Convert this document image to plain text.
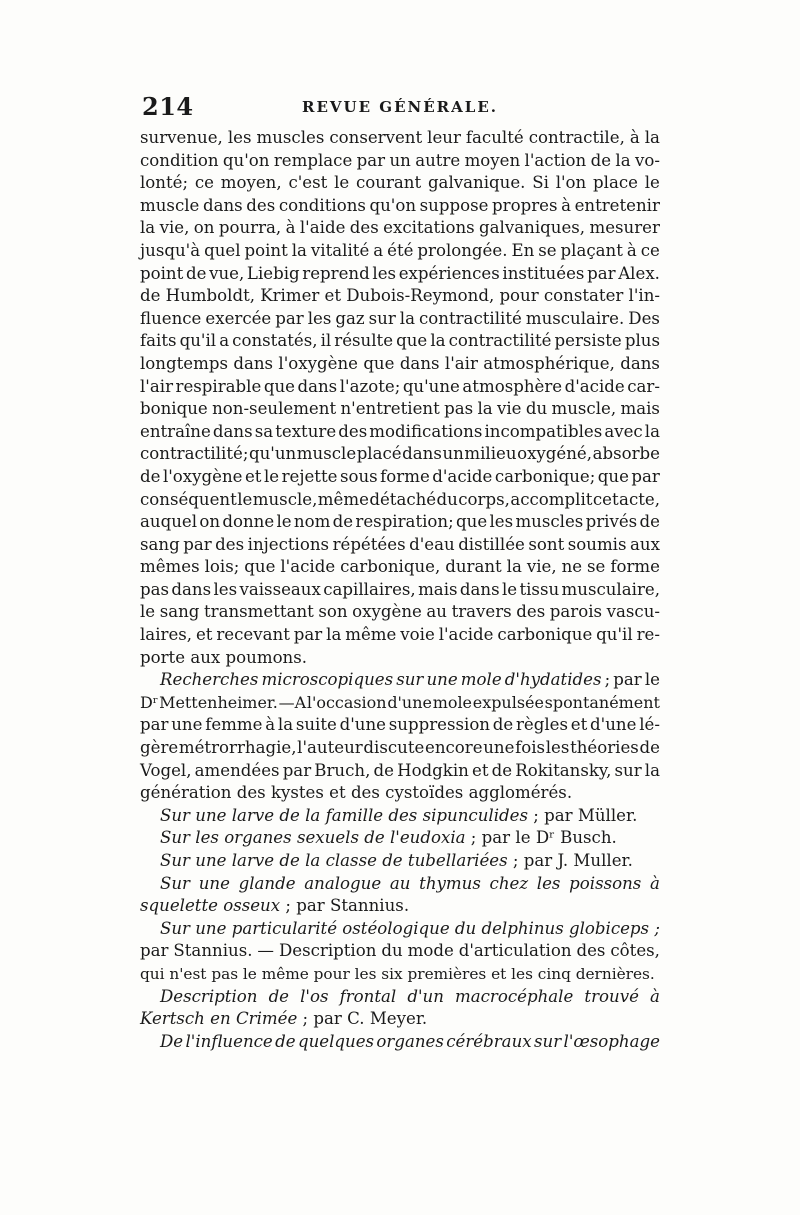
214	REVUE GÉNÉRALE.
survenue, les muscles conservent leur faculté contractile, à la
condition qu'on remplace par un autre moyen l'action de la vo-
lonté; ce moyen, c'est le courant galvanique. Si l'on place le
muscle dans des conditions qu'on suppose propres à entretenir
la vie, on pourra, à l'aide des excitations galvaniques, mesurer
jusqu'à quel point la vitalité a été prolongée. En se plaçant à ce
point de vue, Liebig reprend les expériences instituées par Alex.
de Humboldt, Krimer et Dubois-Reymond, pour constater l'in-
fluence exercée par les gaz sur la contractilité musculaire. Des
faits qu'il a constatés, il résulte que la contractilité persiste plus
longtemps dans l'oxygène que dans l'air atmosphérique, dans
l'air respirable que dans l'azote; qu'une atmosphère d'acide car-
bonique non-seulement n'entretient pas la vie du muscle, mais
entraîne dans sa texture des modifications incompatibles avec la
contractilité; qu'un muscle placé dans un milieu oxygéné, absorbe
de l'oxygène et le rejette sous forme d'acide carbonique; que par
conséquent le muscle, même détaché du corps, accomplit cet acte,
auquel on donne le nom de respiration; que les muscles privés de
sang par des injections répétées d'eau distillée sont soumis aux
mêmes lois; que l'acide carbonique, durant la vie, ne se forme
pas dans les vaisseaux capillaires, mais dans le tissu musculaire,
le sang transmettant son oxygène au travers des parois vascu-
laires, et recevant par la même voie l'acide carbonique qu'il re-
porte aux poumons.
Recherches microscopiques sur une mole d'hydatides ; par le
Dʳ Mettenheimer. —A l'occasion d'une mole expulsée spontanément
par une femme à la suite d'une suppression de règles et d'une lé-
gère métrorrhagie, l'auteur discute encore une fois les théories de
Vogel, amendées par Bruch, de Hodgkin et de Rokitansky, sur la
génération des kystes et des cystoïdes agglomérés.
Sur une larve de la famille des sipunculides ; par Müller.
Sur les organes sexuels de l'eudoxia ; par le Dʳ Busch.
Sur une larve de la classe de tubellariées ; par J. Muller.
Sur une glande analogue au thymus chez les poissons à
squelette osseux ; par Stannius.
Sur une particularité ostéologique du delphinus globiceps ;
par Stannius. — Description du mode d'articulation des côtes,
qui n'est pas le même pour les six premières et les cinq dernières.
Description de l'os frontal d'un macrocéphale trouvé à
Kertsch en Crimée ; par C. Meyer.
De l'influence de quelques organes cérébraux sur l'œsophage
